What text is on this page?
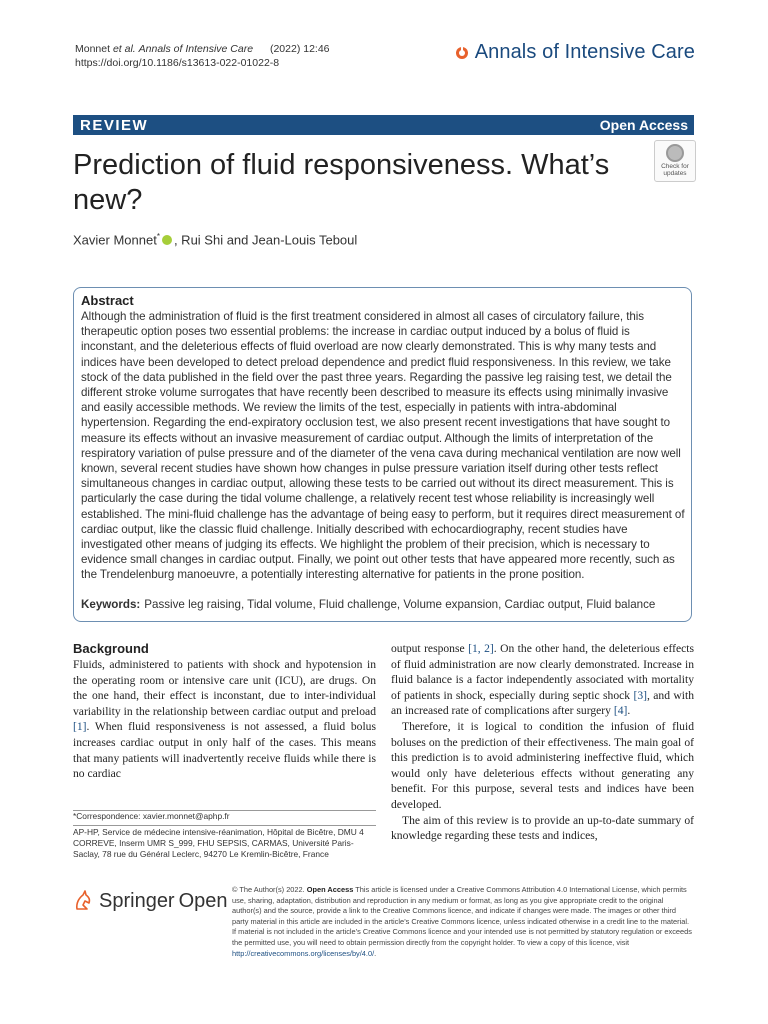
Monnet et al. Annals of Intensive Care (2022) 12:46
https://doi.org/10.1186/s13613-022-01022-8	Annals of Intensive Care
REVIEW	Open Access
Prediction of fluid responsiveness. What’s new?
Check for updates
Xavier Monnet* , Rui Shi and Jean-Louis Teboul
Abstract
Although the administration of fluid is the first treatment considered in almost all cases of circulatory failure, this therapeutic option poses two essential problems: the increase in cardiac output induced by a bolus of fluid is inconstant, and the deleterious effects of fluid overload are now clearly demonstrated. This is why many tests and indices have been developed to detect preload dependence and predict fluid responsiveness. In this review, we take stock of the data published in the field over the past three years. Regarding the passive leg raising test, we detail the different stroke volume surrogates that have recently been described to measure its effects using minimally invasive and easily accessible methods. We review the limits of the test, especially in patients with intra-abdominal hypertension. Regarding the end-expiratory occlusion test, we also present recent investigations that have sought to measure its effects without an invasive measurement of cardiac output. Although the limits of interpretation of the respiratory variation of pulse pressure and of the diameter of the vena cava during mechanical ventilation are now well known, several recent studies have shown how changes in pulse pressure variation itself during other tests reflect simultaneous changes in cardiac output, allowing these tests to be carried out without its direct measurement. This is particularly the case during the tidal volume challenge, a relatively recent test whose reliability is increasingly well established. The mini-fluid challenge has the advantage of being easy to perform, but it requires direct measurement of cardiac output, like the classic fluid challenge. Initially described with echocardiography, recent studies have investigated other means of judging its effects. We highlight the problem of their precision, which is necessary to evidence small changes in cardiac output. Finally, we point out other tests that have appeared more recently, such as the Trendelenburg manoeuvre, a potentially interesting alternative for patients in the prone position.
Keywords: Passive leg raising, Tidal volume, Fluid challenge, Volume expansion, Cardiac output, Fluid balance
Background
Fluids, administered to patients with shock and hypotension in the operating room or intensive care unit (ICU), are drugs. On the one hand, their effect is inconstant, due to inter-individual variability in the relationship between cardiac output and preload [1]. When fluid responsiveness is not assessed, a fluid bolus increases cardiac output in only half of the cases. This means that many patients will inadvertently receive fluids while there is no cardiac

output response [1, 2]. On the other hand, the deleterious effects of fluid administration are now clearly demonstrated. Increase in fluid balance is a factor independently associated with mortality of patients in shock, especially during septic shock [3], and with an increased rate of complications after surgery [4].

Therefore, it is logical to condition the infusion of fluid boluses on the prediction of their effectiveness. The main goal of this prediction is to avoid administering ineffective fluid, which would only have deleterious effects without generating any benefit. For this purpose, several tests and indices have been developed.

The aim of this review is to provide an up-to-date summary of knowledge regarding these tests and indices,

*Correspondence: xavier.monnet@aphp.fr
AP-HP, Service de médecine intensive-réanimation, Hôpital de Bicêtre, DMU 4 CORREVE, Inserm UMR S_999, FHU SEPSIS, CARMAS, Université Paris-Saclay, 78 rue du Général Leclerc, 94270 Le Kremlin-Bicêtre, France
Springer Open © The Author(s) 2022. Open Access This article is licensed under a Creative Commons Attribution 4.0 International License, which permits use, sharing, adaptation, distribution and reproduction in any medium or format, as long as you give appropriate credit to the original author(s) and the source, provide a link to the Creative Commons licence, and indicate if changes were made. The images or other third party material in this article are included in the article’s Creative Commons licence, unless indicated otherwise in a credit line to the material. If material is not included in the article’s Creative Commons licence and your intended use is not permitted by statutory regulation or exceeds the permitted use, you will need to obtain permission directly from the copyright holder. To view a copy of this licence, visit http://creativecommons.org/licenses/by/4.0/.
